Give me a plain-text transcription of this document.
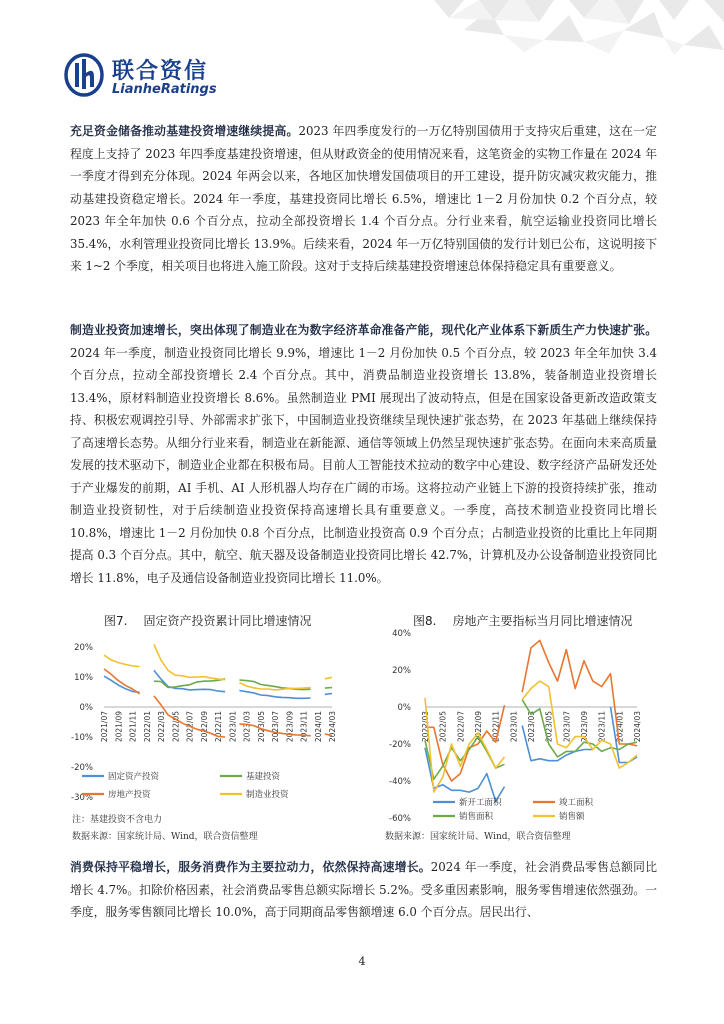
联合资信
LianheRatings

充足资金储备推动基建投资增速继续提高。2023 年四季度发行的一万亿特别国债用于支持灾后重建，这在一定程度上支持了 2023 年四季度基建投资增速，但从财政资金的使用情况来看，这笔资金的实物工作量在 2024 年一季度才得到充分体现。2024 年两会以来，各地区加快增发国债项目的开工建设，提升防灾减灾救灾能力，推动基建投资稳定增长。2024 年一季度，基建投资同比增长 6.5%，增速比 1－2 月份加快 0.2 个百分点，较 2023 年全年加快 0.6 个百分点，拉动全部投资增长 1.4 个百分点。分行业来看，航空运输业投资同比增长 35.4%，水利管理业投资同比增长 13.9%。后续来看，2024 年一万亿特别国债的发行计划已公布，这说明接下来 1~2 个季度，相关项目也将进入施工阶段。这对于支持后续基建投资增速总体保持稳定具有重要意义。

制造业投资加速增长，突出体现了制造业在为数字经济革命准备产能，现代化产业体系下新质生产力快速扩张。2024 年一季度，制造业投资同比增长 9.9%，增速比 1－2 月份加快 0.5 个百分点，较 2023 年全年加快 3.4 个百分点，拉动全部投资增长 2.4 个百分点。其中，消费品制造业投资增长 13.8%，装备制造业投资增长 13.4%，原材料制造业投资增长 8.6%。虽然制造业 PMI 展现出了波动特点，但是在国家设备更新改造政策支持、积极宏观调控引导、外部需求扩张下，中国制造业投资继续呈现快速扩张态势，在 2023 年基础上继续保持了高速增长态势。从细分行业来看，制造业在新能源、通信等领域上仍然呈现快速扩张态势。在面向未来高质量发展的技术驱动下，制造业企业都在积极布局。目前人工智能技术拉动的数字中心建设、数字经济产品研发还处于产业爆发的前期，AI 手机、AI 人形机器人均存在广阔的市场。这将拉动产业链上下游的投资持续扩张，推动制造业投资韧性，对于后续制造业投资保持高速增长具有重要意义。一季度，高技术制造业投资同比增长 10.8%，增速比 1－2 月份加快 0.8 个百分点，比制造业投资高 0.9 个百分点；占制造业投资的比重比上年同期提高 0.3 个百分点。其中，航空、航天器及设备制造业投资同比增长 42.7%，计算机及办公设备制造业投资同比增长 11.8%，电子及通信设备制造业投资同比增长 11.0%。

图7. 固定资产投资累计同比增速情况
20%
10%
0%
-10%
-20%
-30%
2021/07 2021/09 2021/11 2022/01 2022/03 2022/05 2022/07 2022/09 2022/11 2023/01 2023/03 2023/05 2023/07 2023/09 2023/11 2024/01 2024/03
固定资产投资	基建投资
房地产投资	制造业投资
注：基建投资不含电力
数据来源：国家统计局、Wind，联合资信整理
图8. 房地产主要指标当月同比增速情况
40%
20%
0%
-20%
-40%
-60%
2022/03 2022/05 2022/07 2022/09 2022/11 2023/01 2023/03 2023/05 2023/07 2023/09 2023/11 2024/01 2024/03
新开工面积	竣工面积
销售面积	销售额
数据来源：国家统计局、Wind，联合资信整理

消费保持平稳增长，服务消费作为主要拉动力，依然保持高速增长。2024 年一季度，社会消费品零售总额同比增长 4.7%。扣除价格因素，社会消费品零售总额实际增长 5.2%。受多重因素影响，服务零售增速依然强劲。一季度，服务零售额同比增长 10.0%，高于同期商品零售额增速 6.0 个百分点。居民出行、

4
